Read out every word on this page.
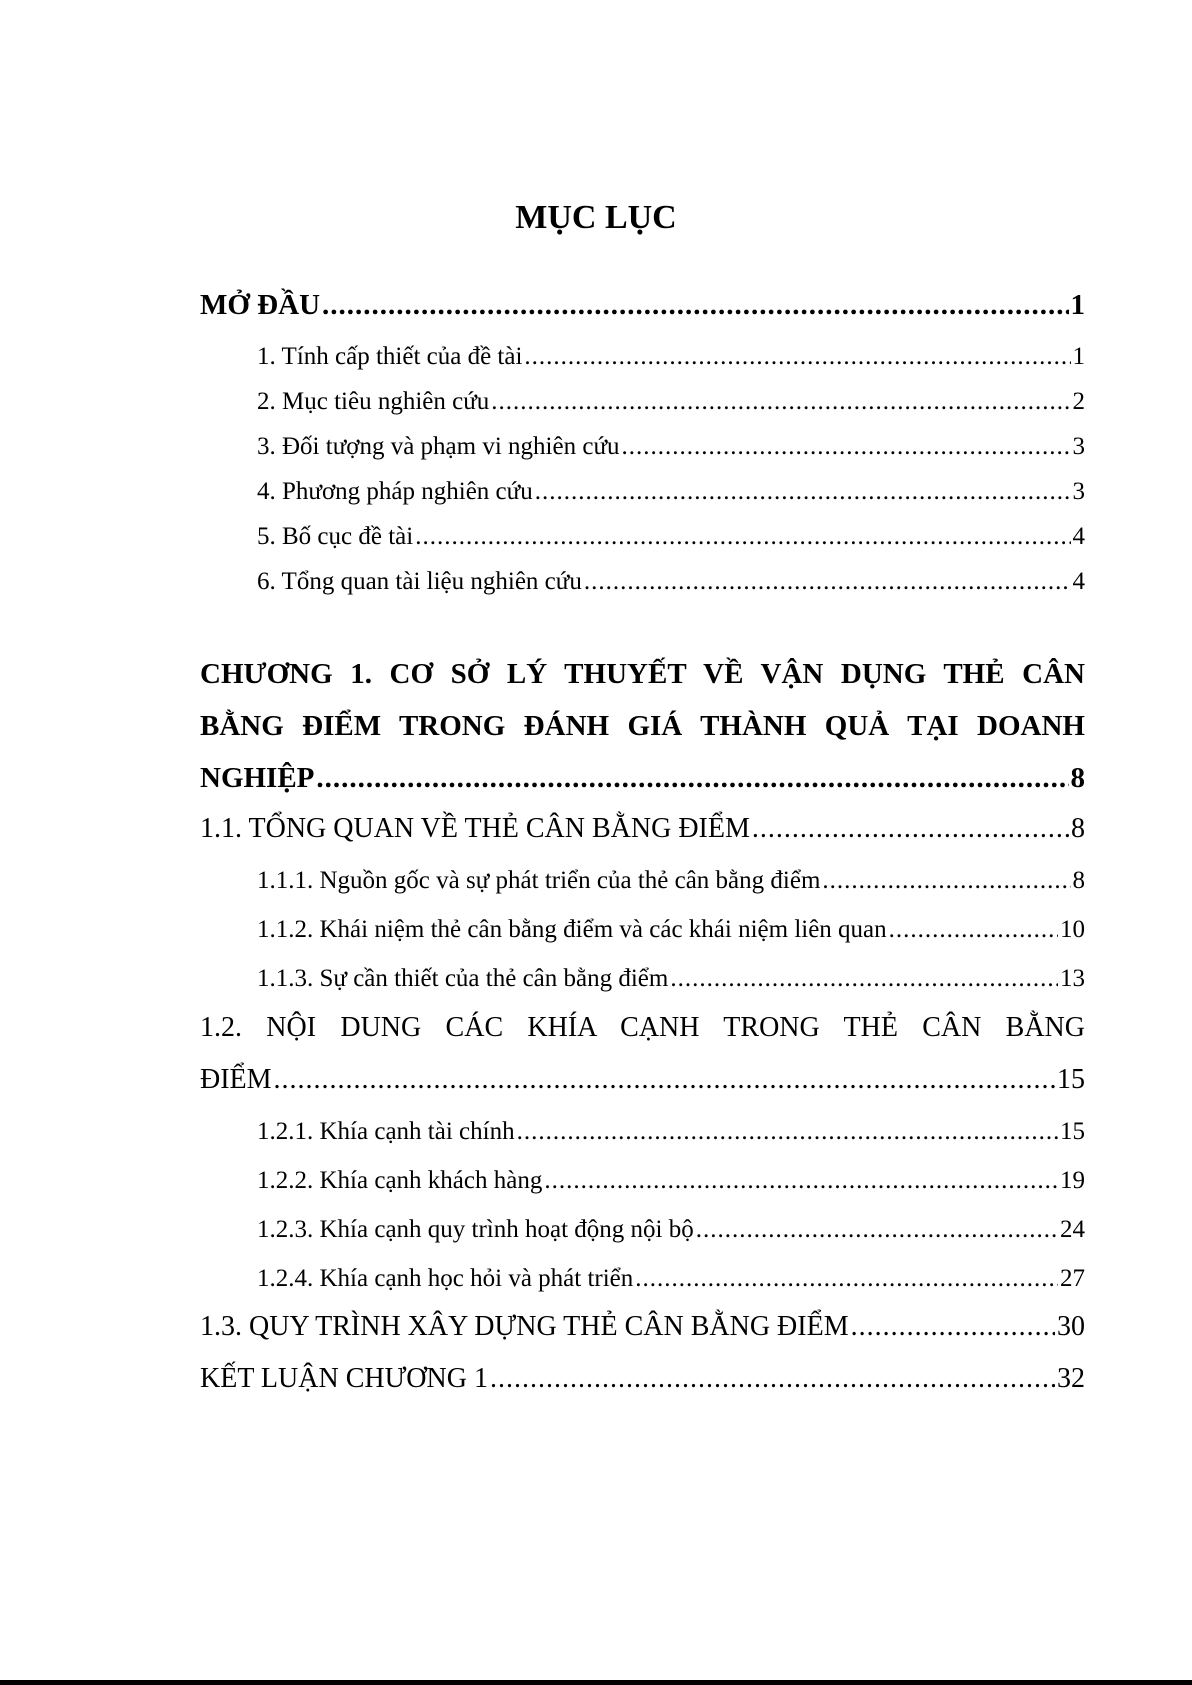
MỤC LỤC
MỞ ĐẦU .....	1
1. Tính cấp thiết của đề tài .....	1
2. Mục tiêu nghiên cứu .....	2
3. Đối tượng và phạm vi nghiên cứu .....	3
4. Phương pháp nghiên cứu .....	3
5. Bố cục đề tài .....	4
6. Tổng quan tài liệu nghiên cứu .....	4
CHƯƠNG 1. CƠ SỞ LÝ THUYẾT VỀ VẬN DỤNG THẺ CÂN
BẰNG ĐIỂM TRONG ĐÁNH GIÁ THÀNH QUẢ TẠI DOANH
NGHIỆP .....	8
1.1. TỔNG QUAN VỀ THẺ CÂN BẰNG ĐIỂM .....	8
1.1.1. Nguồn gốc và sự phát triển của thẻ cân bằng điểm .....	8
1.1.2. Khái niệm thẻ cân bằng điểm và các khái niệm liên quan .....	10
1.1.3. Sự cần thiết của thẻ cân bằng điểm .....	13
1.2. NỘI DUNG CÁC KHÍA CẠNH TRONG THẺ CÂN BẰNG
ĐIỂM .....	15
1.2.1. Khía cạnh tài chính .....	15
1.2.2. Khía cạnh khách hàng .....	19
1.2.3. Khía cạnh quy trình hoạt động nội bộ .....	24
1.2.4. Khía cạnh học hỏi và phát triển .....	27
1.3. QUY TRÌNH XÂY DỰNG THẺ CÂN BẰNG ĐIỂM .....	30
KẾT LUẬN CHƯƠNG 1 .....	32
